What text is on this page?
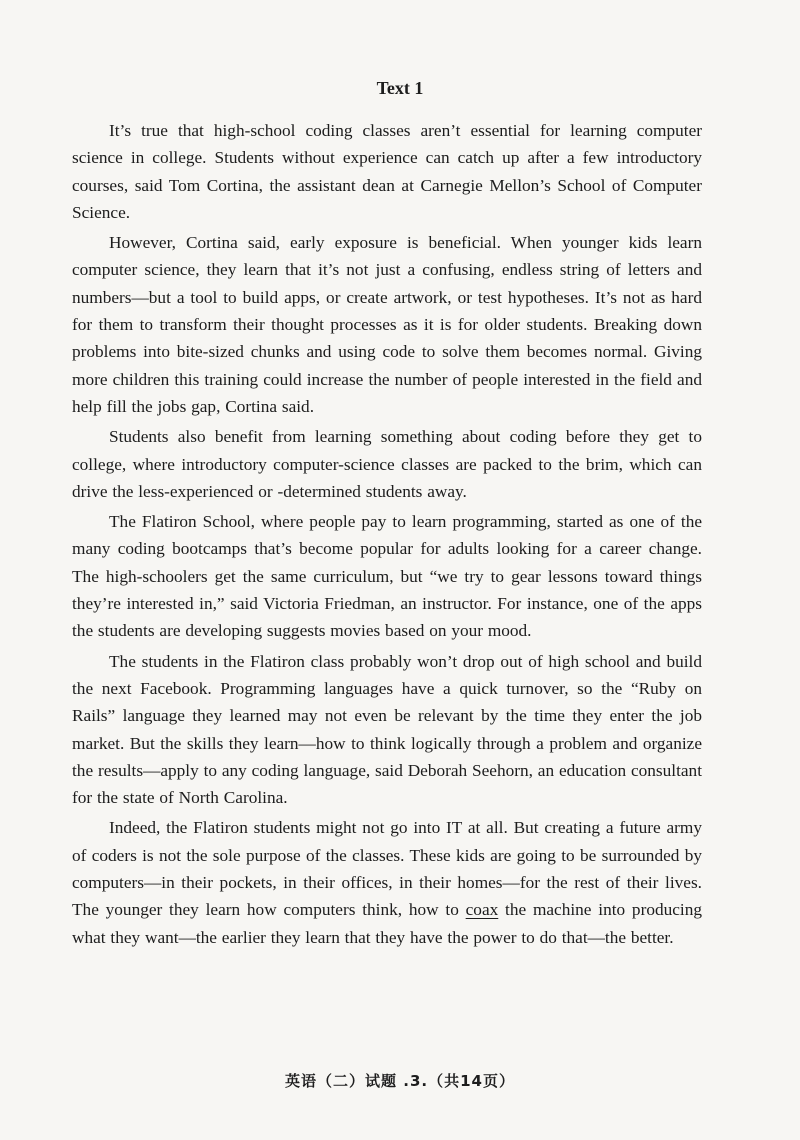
Text 1

It’s true that high-school coding classes aren’t essential for learning computer science in college. Students without experience can catch up after a few introductory courses, said Tom Cortina, the assistant dean at Carnegie Mellon’s School of Computer Science.

However, Cortina said, early exposure is beneficial. When younger kids learn computer science, they learn that it’s not just a confusing, endless string of letters and numbers—but a tool to build apps, or create artwork, or test hypotheses. It’s not as hard for them to transform their thought processes as it is for older students. Breaking down problems into bite-sized chunks and using code to solve them becomes normal. Giving more children this training could increase the number of people interested in the field and help fill the jobs gap, Cortina said.

Students also benefit from learning something about coding before they get to college, where introductory computer-science classes are packed to the brim, which can drive the less-experienced or -determined students away.

The Flatiron School, where people pay to learn programming, started as one of the many coding bootcamps that’s become popular for adults looking for a career change. The high-schoolers get the same curriculum, but “we try to gear lessons toward things they’re interested in,” said Victoria Friedman, an instructor. For instance, one of the apps the students are developing suggests movies based on your mood.

The students in the Flatiron class probably won’t drop out of high school and build the next Facebook. Programming languages have a quick turnover, so the “Ruby on Rails” language they learned may not even be relevant by the time they enter the job market. But the skills they learn—how to think logically through a problem and organize the results—apply to any coding language, said Deborah Seehorn, an education consultant for the state of North Carolina.

Indeed, the Flatiron students might not go into IT at all. But creating a future army of coders is not the sole purpose of the classes. These kids are going to be surrounded by computers—in their pockets, in their offices, in their homes—for the rest of their lives. The younger they learn how computers think, how to coax the machine into producing what they want—the earlier they learn that they have the power to do that—the better.

英语（二）试题 .3.（共14页）
